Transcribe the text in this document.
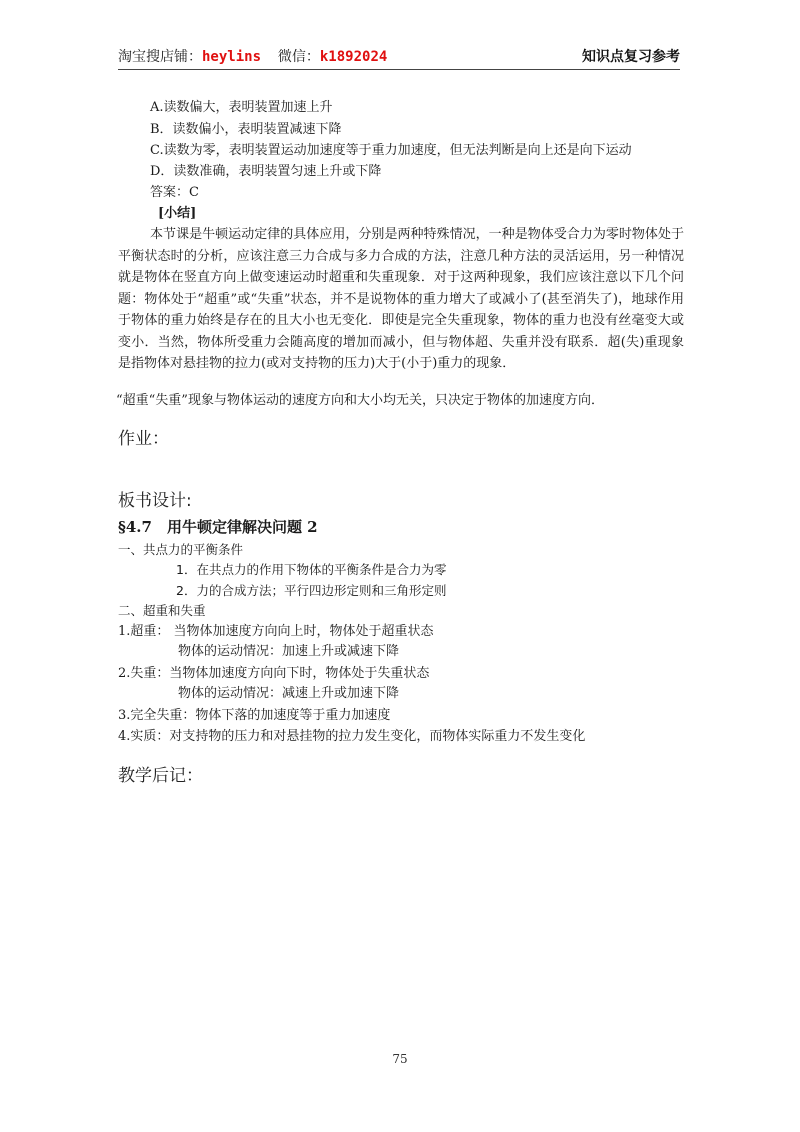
淘宝搜店铺：heylins  微信：k1892024	知识点复习参考
A.读数偏大，表明装置加速上升
B．读数偏小，表明装置减速下降
C.读数为零，表明装置运动加速度等于重力加速度，但无法判断是向上还是向下运动
D．读数准确，表明装置匀速上升或下降
答案：C
[小结]
本节课是牛顿运动定律的具体应用，分别是两种特殊情况，一种是物体受合力为零时物体处于平衡状态时的分析，应该注意三力合成与多力合成的方法，注意几种方法的灵活运用，另一种情况就是物体在竖直方向上做变速运动时超重和失重现象．对于这两种现象，我们应该注意以下几个问题：物体处于“超重”或“失重”状态，并不是说物体的重力增大了或减小了(甚至消失了)，地球作用于物体的重力始终是存在的且大小也无变化．即使是完全失重现象，物体的重力也没有丝毫变大或变小．当然，物体所受重力会随高度的增加而减小，但与物体超、失重并没有联系．超(失)重现象是指物体对悬挂物的拉力(或对支持物的压力)大于(小于)重力的现象．
“超重“失重”现象与物体运动的速度方向和大小均无关，只决定于物体的加速度方向．
作业：
板书设计:
§4.7　用牛顿定律解决问题 2
一、共点力的平衡条件
1．在共点力的作用下物体的平衡条件是合力为零
2．力的合成方法；平行四边形定则和三角形定则
二、超重和失重
1.超重： 当物体加速度方向向上时，物体处于超重状态
物体的运动情况：加速上升或减速下降
2.失重：当物体加速度方向向下时，物体处于失重状态
物体的运动情况：减速上升或加速下降
3.完全失重：物体下落的加速度等于重力加速度
4.实质：对支持物的压力和对悬挂物的拉力发生变化，而物体实际重力不发生变化
教学后记：
75
